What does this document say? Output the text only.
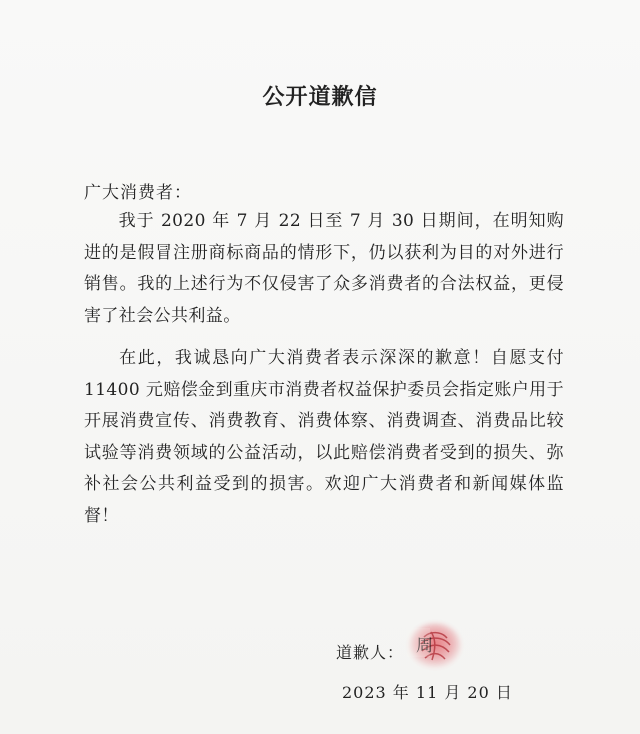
公开道歉信
广大消费者：
我于 2020 年 7 月 22 日至 7 月 30 日期间，在明知购进的是假冒注册商标商品的情形下，仍以获利为目的对外进行销售。我的上述行为不仅侵害了众多消费者的合法权益，更侵害了社会公共利益。
在此，我诚恳向广大消费者表示深深的歉意！自愿支付11400 元赔偿金到重庆市消费者权益保护委员会指定账户用于开展消费宣传、消费教育、消费体察、消费调查、消费品比较试验等消费领域的公益活动，以此赔偿消费者受到的损失、弥补社会公共利益受到的损害。欢迎广大消费者和新闻媒体监督！
道歉人： 周
2023 年 11 月 20 日
